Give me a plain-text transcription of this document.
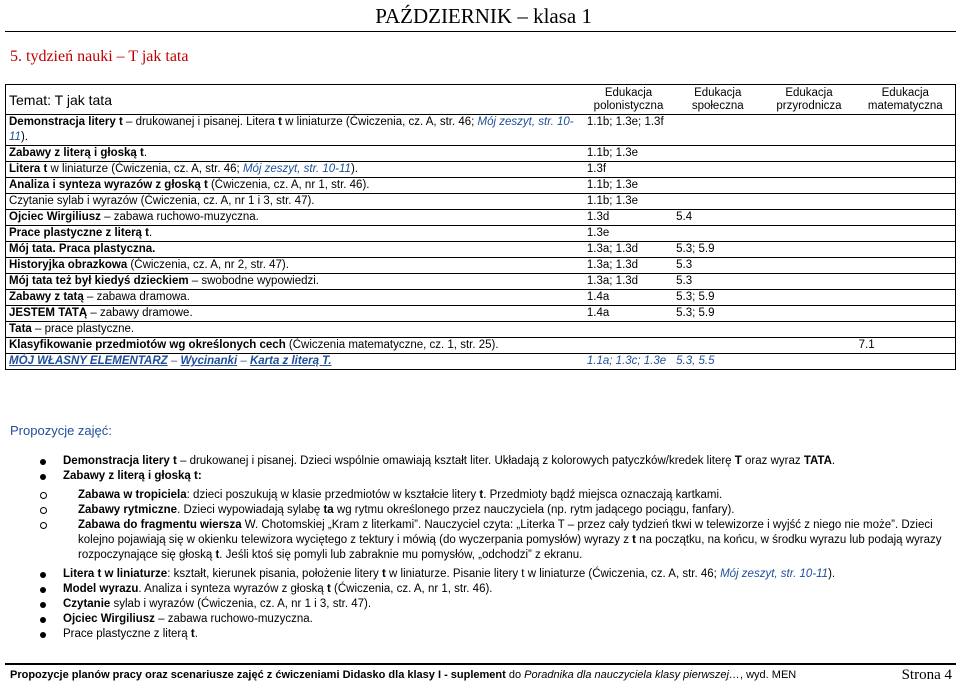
PAŹDZIERNIK – klasa 1
5. tydzień nauki – T jak tata
Temat: T jak tata	Edukacja polonistyczna	Edukacja społeczna	Edukacja przyrodnicza	Edukacja matematyczna
Demonstracja litery t – drukowanej i pisanej. Litera t w liniaturze (Ćwiczenia, cz. A, str. 46; Mój zeszyt, str. 10-11).	1.1b; 1.3e; 1.3f			
Zabawy z literą i głoską t.	1.1b; 1.3e			
Litera t w liniaturze (Ćwiczenia, cz. A, str. 46; Mój zeszyt, str. 10-11).	1.3f			
Analiza i synteza wyrazów z głoską t (Ćwiczenia, cz. A, nr 1, str. 46).	1.1b; 1.3e			
Czytanie sylab i wyrazów (Ćwiczenia, cz. A, nr 1 i 3, str. 47).	1.1b; 1.3e			
Ojciec Wirgiliusz – zabawa ruchowo-muzyczna.	1.3d	5.4		
Prace plastyczne z literą t.	1.3e			
Mój tata. Praca plastyczna.	1.3a; 1.3d	5.3; 5.9		
Historyjka obrazkowa (Ćwiczenia, cz. A, nr 2, str. 47).	1.3a; 1.3d	5.3		
Mój tata też był kiedyś dzieckiem – swobodne wypowiedzi.	1.3a; 1.3d	5.3		
Zabawy z tatą – zabawa dramowa.	1.4a	5.3; 5.9		
JESTEM TATĄ – zabawy dramowe.	1.4a	5.3; 5.9		
Tata – prace plastyczne.				
Klasyfikowanie przedmiotów wg określonych cech (Ćwiczenia matematyczne, cz. 1, str. 25).				7.1
MÓJ WŁASNY ELEMENTARZ – Wycinanki – Karta z literą T.	1.1a; 1.3c; 1.3e	5.3, 5.5		
Propozycje zajęć:
Demonstracja litery t – drukowanej i pisanej. Dzieci wspólnie omawiają kształt liter. Układają z kolorowych patyczków/kredek literę T oraz wyraz TATA.
Zabawy z literą i głoską t:
Zabawa w tropiciela: dzieci poszukują w klasie przedmiotów w kształcie litery t. Przedmioty bądź miejsca oznaczają kartkami.
Zabawy rytmiczne. Dzieci wypowiadają sylabę ta wg rytmu określonego przez nauczyciela (np. rytm jadącego pociągu, fanfary).
Zabawa do fragmentu wiersza W. Chotomskiej „Kram z literkami”. Nauczyciel czyta: „Literka T – przez cały tydzień tkwi w telewizorze i wyjść z niego nie może”. Dzieci kolejno pojawiają się w okienku telewizora wyciętego z tektury i mówią (do wyczerpania pomysłów) wyrazy z t na początku, na końcu, w środku wyrazu lub podają wyrazy rozpoczynające się głoską t. Jeśli ktoś się pomyli lub zabraknie mu pomysłów, „odchodzi” z ekranu.
Litera t w liniaturze: kształt, kierunek pisania, położenie litery t w liniaturze. Pisanie litery t w liniaturze (Ćwiczenia, cz. A, str. 46; Mój zeszyt, str. 10-11).
Model wyrazu. Analiza i synteza wyrazów z głoską t (Ćwiczenia, cz. A, nr 1, str. 46).
Czytanie sylab i wyrazów (Ćwiczenia, cz. A, nr 1 i 3, str. 47).
Ojciec Wirgiliusz – zabawa ruchowo-muzyczna.
Prace plastyczne z literą t.
Propozycje planów pracy oraz scenariusze zajęć z ćwiczeniami Didasko dla klasy I - suplement do Poradnika dla nauczyciela klasy pierwszej…, wyd. MEN	Strona 4
